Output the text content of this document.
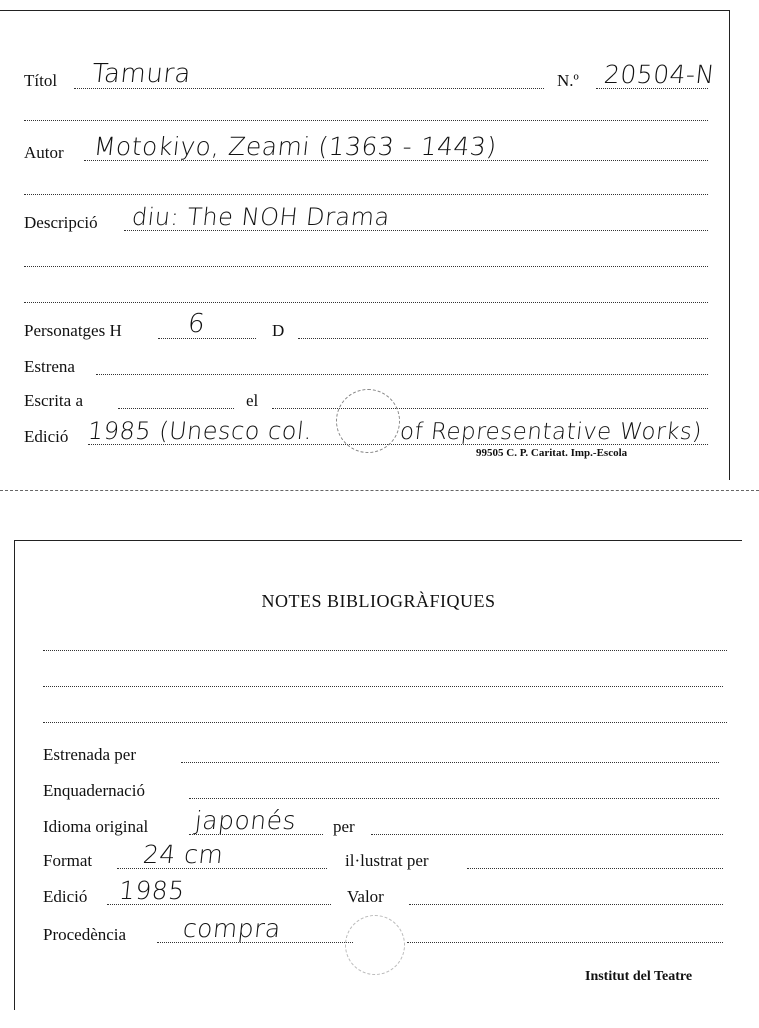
Títol Tamura	N.º 20504-N
Autor Motokiyo, Zeami (1363 - 1443)
Descripció diu: The NOH Drama
Personatges H 6	D
Estrena
Escrita a	el
Edició 1985 (Unesco col.	of Representative Works)
99505 C. P. Caritat. Imp.-Escola
NOTES BIBLIOGRÀFIQUES
Estrenada per
Enquadernació
Idioma original japonés per
Format 24 cm	il·lustrat per
Edició 1985	Valor
Procedència compra
Institut del Teatre
